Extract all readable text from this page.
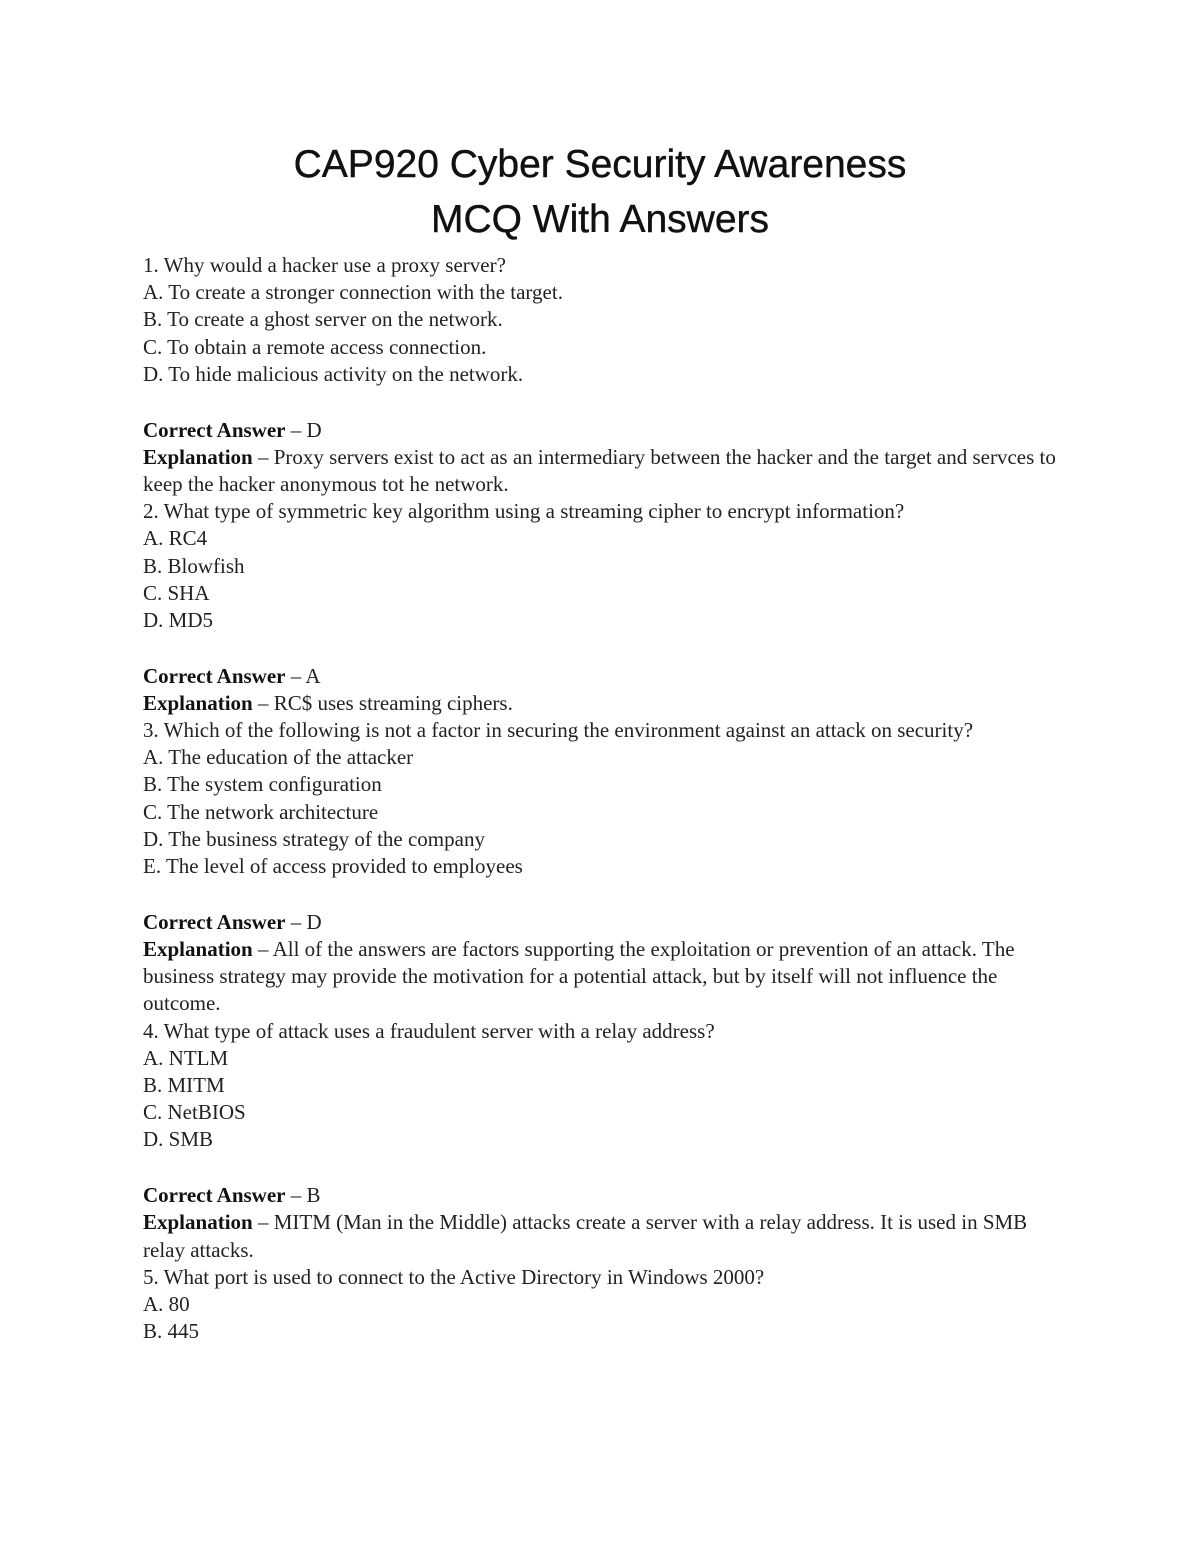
CAP920 Cyber Security Awareness
MCQ With Answers

1. Why would a hacker use a proxy server?

A. To create a stronger connection with the target.

B. To create a ghost server on the network.

C. To obtain a remote access connection.

D. To hide malicious activity on the network.

Correct Answer – D

Explanation – Proxy servers exist to act as an intermediary between the hacker and the target and servces to keep the hacker anonymous tot he network.

2. What type of symmetric key algorithm using a streaming cipher to encrypt information?

A. RC4

B. Blowfish

C. SHA

D. MD5

Correct Answer – A

Explanation – RC$ uses streaming ciphers.

3. Which of the following is not a factor in securing the environment against an attack on security?

A. The education of the attacker

B. The system configuration

C. The network architecture

D. The business strategy of the company

E. The level of access provided to employees

Correct Answer – D

Explanation – All of the answers are factors supporting the exploitation or prevention of an attack. The business strategy may provide the motivation for a potential attack, but by itself will not influence the outcome.

4. What type of attack uses a fraudulent server with a relay address?

A. NTLM

B. MITM

C. NetBIOS

D. SMB

Correct Answer – B

Explanation – MITM (Man in the Middle) attacks create a server with a relay address. It is used in SMB relay attacks.

5. What port is used to connect to the Active Directory in Windows 2000?

A. 80

B. 445
